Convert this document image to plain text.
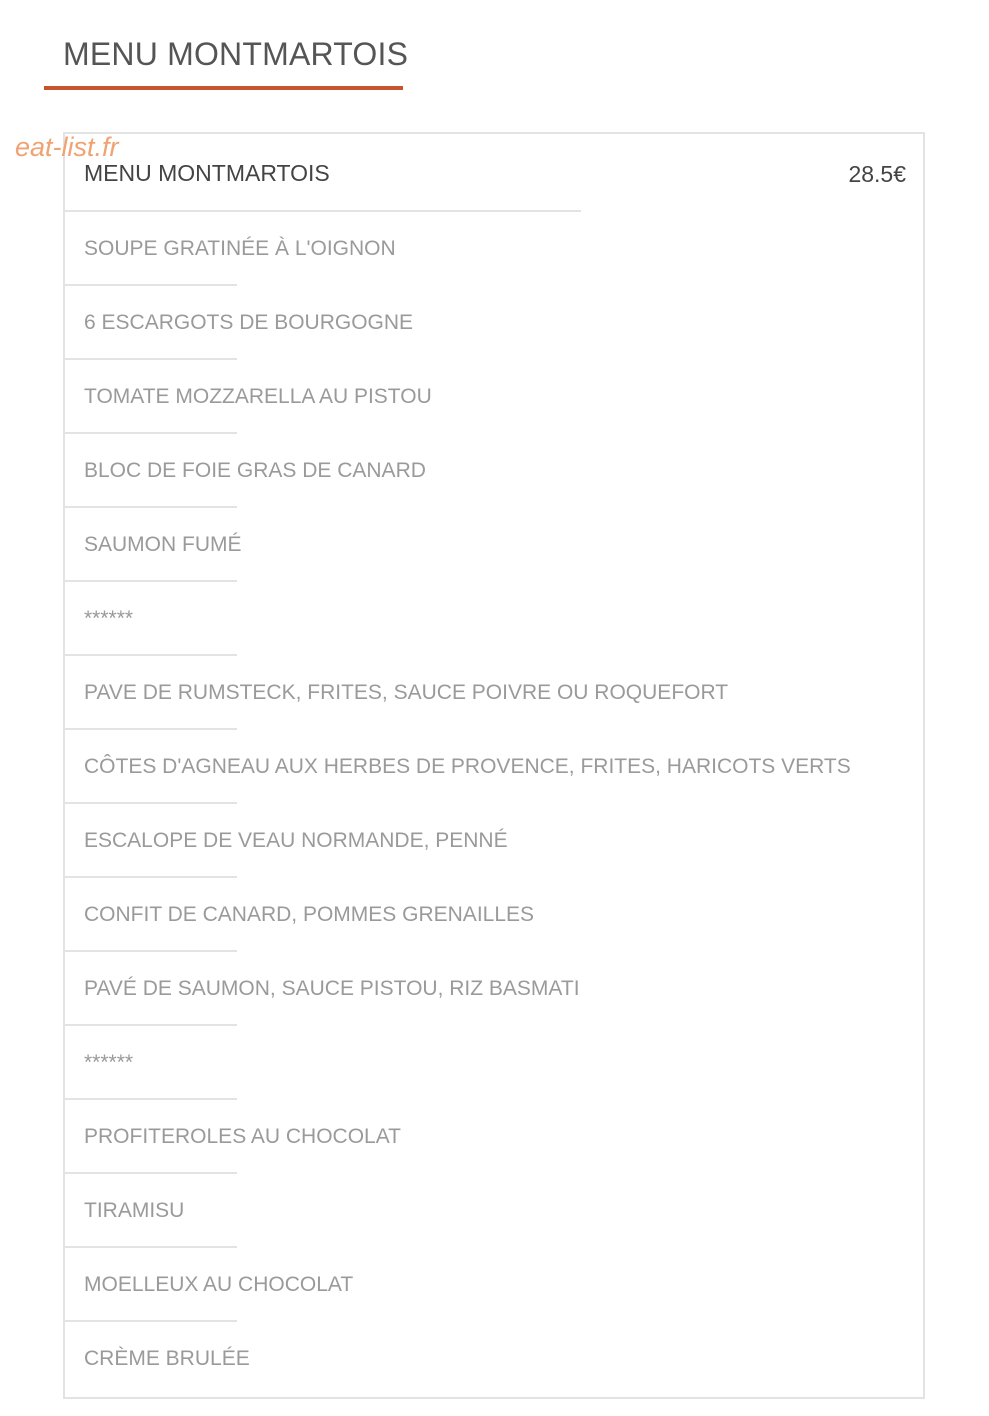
MENU MONTMARTOIS
eat-list.fr
MENU MONTMARTOIS	28.5€
SOUPE GRATINÉE À L'OIGNON
6 ESCARGOTS DE BOURGOGNE
TOMATE MOZZARELLA AU PISTOU
BLOC DE FOIE GRAS DE CANARD
SAUMON FUMÉ
******
PAVE DE RUMSTECK, FRITES, SAUCE POIVRE OU ROQUEFORT
CÔTES D'AGNEAU AUX HERBES DE PROVENCE, FRITES, HARICOTS VERTS
ESCALOPE DE VEAU NORMANDE, PENNÉ
CONFIT DE CANARD, POMMES GRENAILLES
PAVÉ DE SAUMON, SAUCE PISTOU, RIZ BASMATI
******
PROFITEROLES AU CHOCOLAT
TIRAMISU
MOELLEUX AU CHOCOLAT
CRÈME BRULÉE
